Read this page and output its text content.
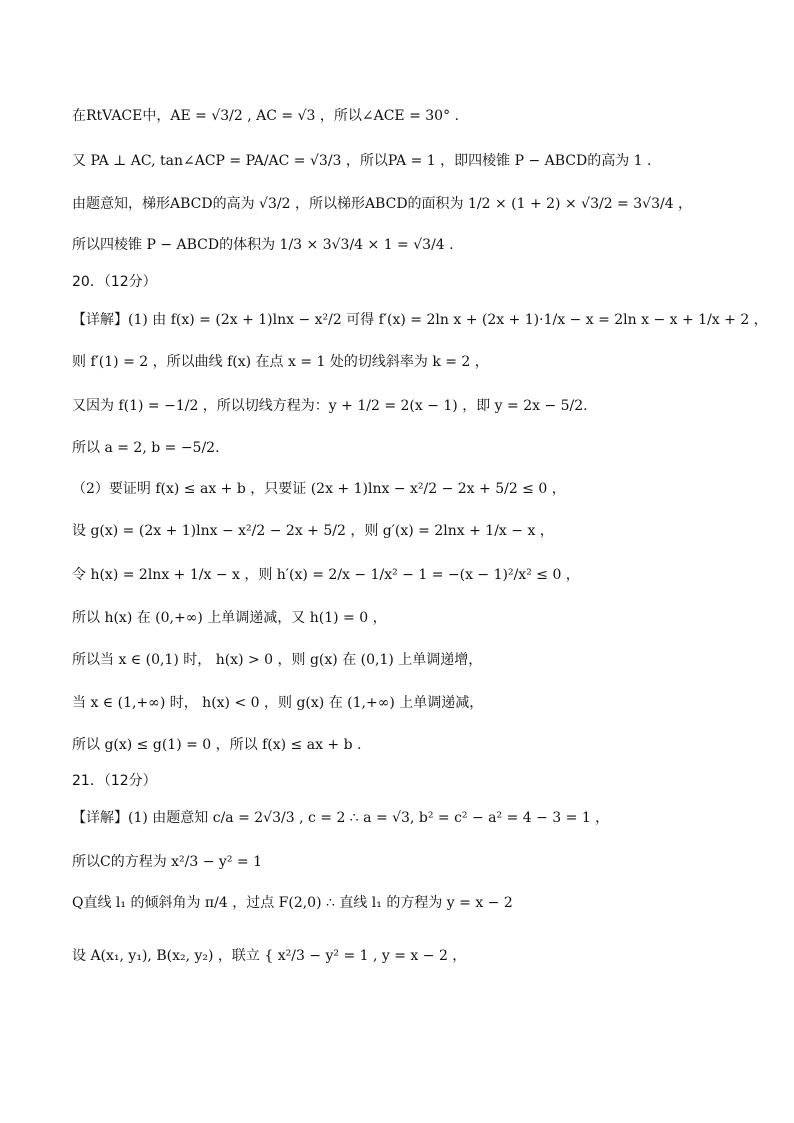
在RtVACE中，AE = √3/2 , AC = √3 ，所以∠ACE = 30° .
又 PA ⊥ AC, tan∠ACP = PA/AC = √3/3 ，所以PA = 1 ，即四棱锥 P − ABCD的高为 1 .
由题意知，梯形ABCD的高为 √3/2 ，所以梯形ABCD的面积为 1/2 × (1 + 2) × √3/2 = 3√3/4 ，
所以四棱锥 P − ABCD的体积为 1/3 × 3√3/4 × 1 = √3/4 .
20．（12分）
【详解】(1) 由 f(x) = (2x + 1)lnx − x²/2 可得 f′(x) = 2ln x + (2x + 1)·1/x − x = 2ln x − x + 1/x + 2 ，
则 f′(1) = 2 ，所以曲线 f(x) 在点 x = 1 处的切线斜率为 k = 2 ，
又因为 f(1) = −1/2 ，所以切线方程为：y + 1/2 = 2(x − 1) ，即 y = 2x − 5/2.
所以 a = 2, b = −5/2.
（2）要证明 f(x) ≤ ax + b ，只要证 (2x + 1)lnx − x²/2 − 2x + 5/2 ≤ 0 ，
设 g(x) = (2x + 1)lnx − x²/2 − 2x + 5/2 ，则 g′(x) = 2lnx + 1/x − x ，
令 h(x) = 2lnx + 1/x − x ，则 h′(x) = 2/x − 1/x² − 1 = −(x − 1)²/x² ≤ 0 ，
所以 h(x) 在 (0,+∞) 上单调递减，又 h(1) = 0 ，
所以当 x ∈ (0,1) 时， h(x) > 0 ，则 g(x) 在 (0,1) 上单调递增，
当 x ∈ (1,+∞) 时， h(x) < 0 ，则 g(x) 在 (1,+∞) 上单调递减，
所以 g(x) ≤ g(1) = 0 ，所以 f(x) ≤ ax + b .
21．（12分）
【详解】(1) 由题意知 c/a = 2√3/3 , c = 2 ∴ a = √3, b² = c² − a² = 4 − 3 = 1 ，
所以C的方程为 x²/3 − y² = 1
Q直线 l₁ 的倾斜角为 π/4 ，过点 F(2,0) ∴ 直线 l₁ 的方程为 y = x − 2
设 A(x₁, y₁), B(x₂, y₂) ，联立 { x²/3 − y² = 1 , y = x − 2 ，
